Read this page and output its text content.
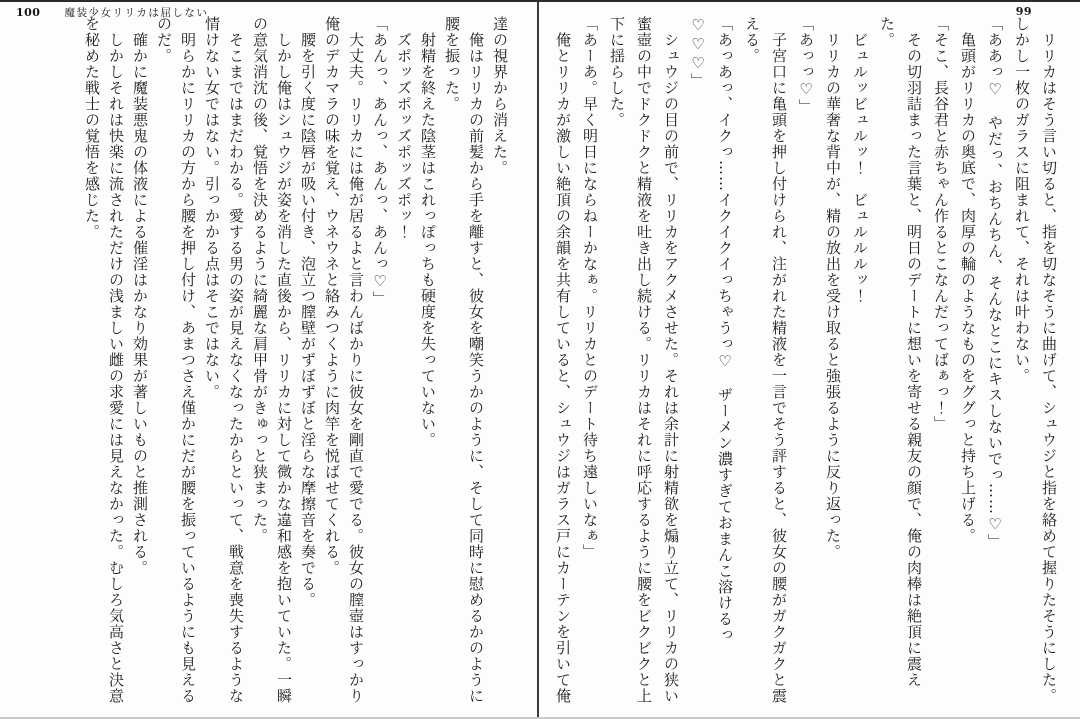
100 魔装少女リリカは屈しない

達の視界から消えた。

俺はリリカの前髪から手を離すと、彼女を嘲笑うかのように、そして同時に慰めるかのように腰を振った。

射精を終えた陰茎はこれっぽっちも硬度を失っていない。

ズポッズポッズポッズポッ！

「あんっ、あんっ、あんっ、あんっ♡」

大丈夫。リリカには俺が居るよと言わんばかりに彼女を剛直で愛でる。彼女の膣壺はすっかり俺のデカマラの味を覚え、ウネウネと絡みつくように肉竿を悦ばせてくれる。

腰を引く度に陰唇が吸い付き、泡立つ膣壁がずぼずぼと淫らな摩擦音を奏でる。

しかし俺はシュウジが姿を消した直後から、リリカに対して微かな違和感を抱いていた。一瞬の意気消沈の後、覚悟を決めるように綺麗な肩甲骨がきゅっと狭まった。

そこまではまだわかる。愛する男の姿が見えなくなったからといって、戦意を喪失するような情けない女ではない。引っかかる点はそこではない。

明らかにリリカの方から腰を押し付け、あまつさえ僅かにだが腰を振っているようにも見えるのだ。

確かに魔装悪鬼の体液による催淫はかなり効果が著しいものと推測される。

しかしそれは快楽に流されただけの浅ましい雌の求愛には見えなかった。むしろ気高さと決意を秘めた戦士の覚悟を感じた。

99

リリカはそう言い切ると、指を切なそうに曲げて、シュウジと指を絡めて握りたそうにした。

しかし一枚のガラスに阻まれて、それは叶わない。

「ああっ♡　やだっ、おちんちん、そんなとこにキスしないでっ……♡」

亀頭がリリカの奥底で、肉厚の輪のようなものをググっと持ち上げる。

「そこ、長谷君と赤ちゃん作るとこなんだってばぁっ！」

その切羽詰まった言葉と、明日のデートに想いを寄せる親友の顔で、俺の肉棒は絶頂に震えた。

ビュルッビュルッ！　ビュルルルッ！

リリカの華奢な背中が、精の放出を受け取ると強張るように反り返った。

「あっっ♡」

子宮口に亀頭を押し付けられ、注がれた精液を一言でそう評すると、彼女の腰がガクガクと震える。

「あっあっ、イクっ……イクイクイっちゃうっ♡　ザーメン濃すぎておまんこ溶けるっ♡♡♡」

シュウジの目の前で、リリカをアクメさせた。それは余計に射精欲を煽り立て、リリカの狭い蜜壺の中でドクドクと精液を吐き出し続ける。リリカはそれに呼応するように腰をビクビクと上下に揺らした。

「あーあ。早く明日にならねーかなぁ。リリカとのデート待ち遠しいなぁ」

俺とリリカが激しい絶頂の余韻を共有していると、シュウジはガラス戸にカーテンを引いて俺
